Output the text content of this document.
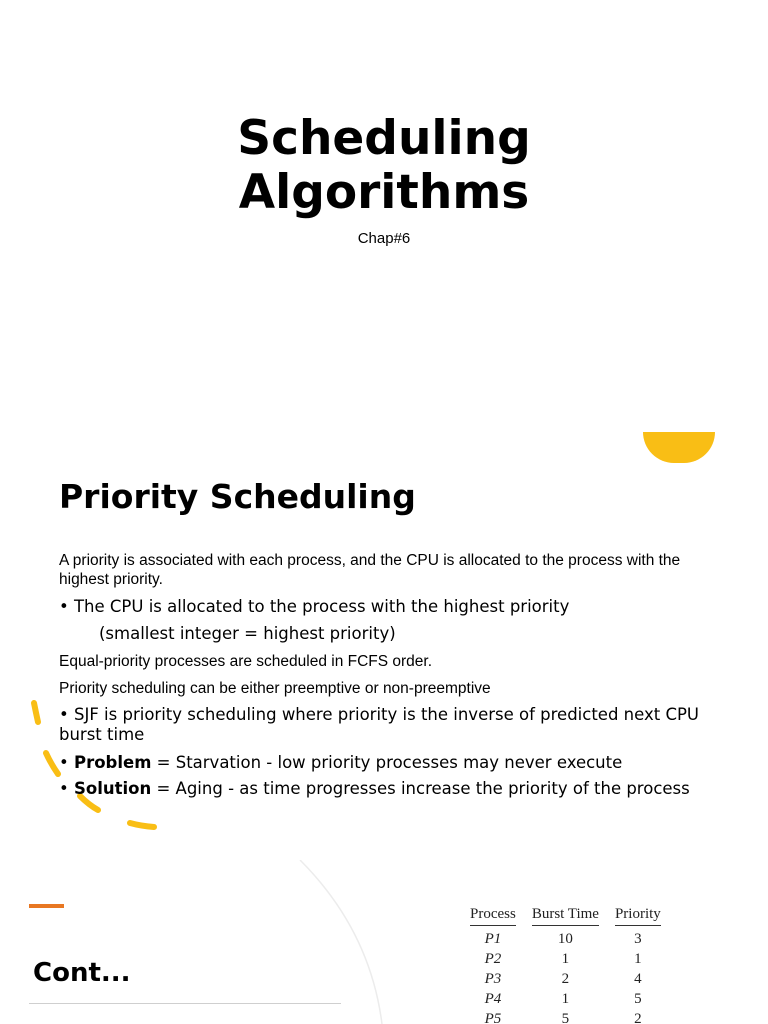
Scheduling
Algorithms
Chap#6
Priority Scheduling
A priority is associated with each process, and the CPU is allocated to the process with the highest priority.
• The CPU is allocated to the process with the highest priority
(smallest integer = highest priority)
Equal-priority processes are scheduled in FCFS order.
Priority scheduling can be either preemptive or non-preemptive
• SJF is priority scheduling where priority is the inverse of predicted next CPU burst time
• Problem = Starvation - low priority processes may never execute
• Solution = Aging - as time progresses increase the priority of the process
Cont...
Process		Burst Time		Priority
P1		10		3
P2		1		1
P3		2		4
P4		1		5
P5		5		2
